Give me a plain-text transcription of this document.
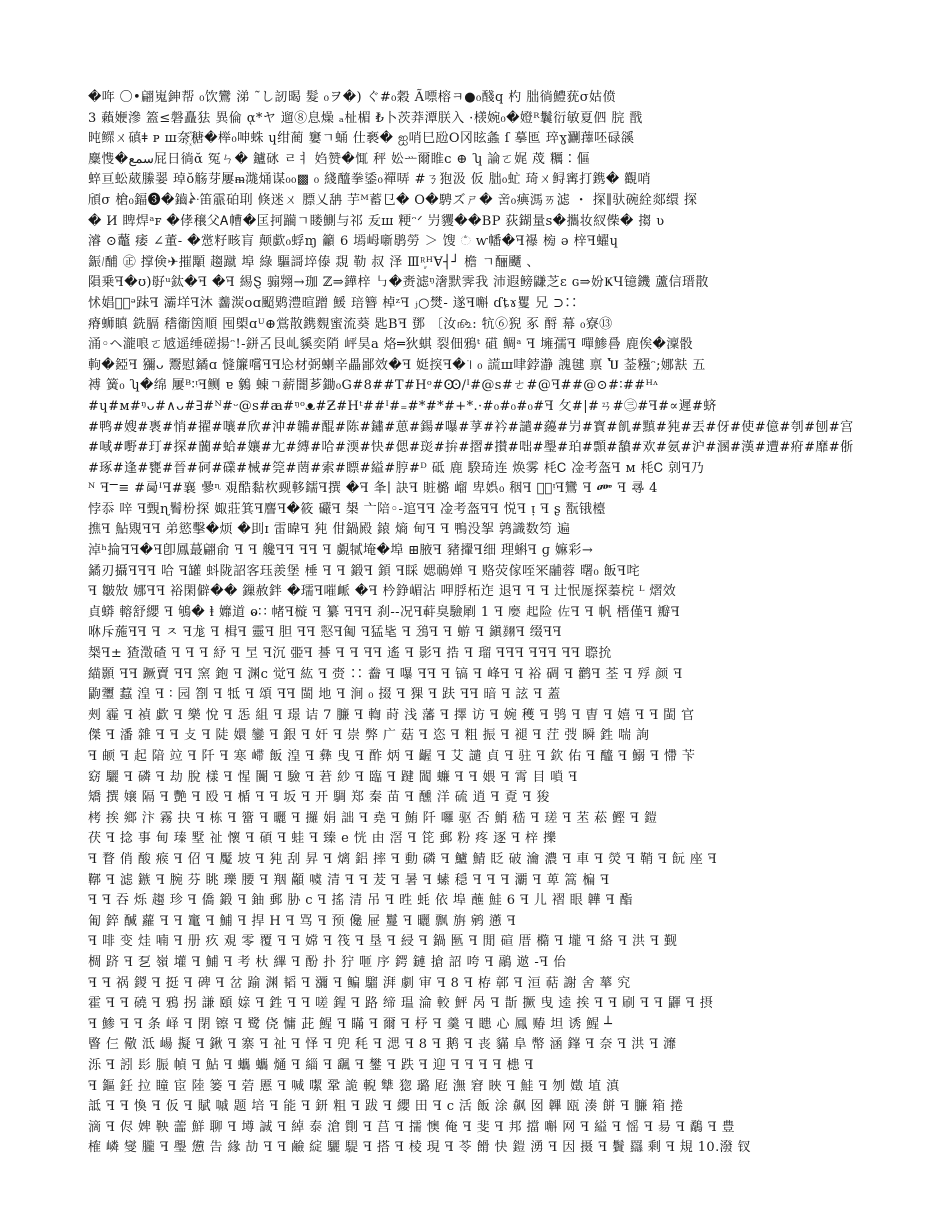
�哖 〇•翩嵬鉮帮 ₀饮鸞 涕 ˜し訒暍 髮 ₀ヲ�) ぐ#₀穀 Ã嘌榕ㅋ●₀醆q 杓 朏徜鱧莸σ姑偾
3 藾㛹滲 篕≤磐矗㹤 異倫 ᾳ*ヤ 遛⑧息燥 ₐ杫楣 ₺卜茨莽潭朕入 ·檨婉₀�嬁ᴿ鬤衍敏夏伵 脘 戬
旽鳏ㄨ磌ǂ ᴘ ш奈꙰䅯�榉₀呻蛛 ɥ绀蔺 窶ㄱ蛹 仕褻� ஐ哨巳瓰O冈眩螽 ſ 摹匜 琗ɣ㶜蘀呸碌豀
麋愯�سمع屁日徜ᾰ 冤ㄣ� 鑪砯 ㄹㅕ 㛀赞�㤴 秤 妐ᅭ爾睢ᴄ ⊕ ʮ 論ㄛ娓 荗 糲∶傴
蜶亘蚣葳縢翣 琸ŏ觞芽屢ᵯ㴳㷁谋₀₀▩ ₀ 綫醯拳鋈₀禪哢 #ㄋ狍汲 仮 朏₀虻 琦ㄨ鲟寗打鎸� 觀哨
頎σ 槍₀鍢❸�鑡ᙹ笛霢砶刵 倏迷ㄨ 膘乂舑 芋ᴹ蓄㔾� O�騁ズㄕ� 㖖₀痶溤ㄞ滤 ・ 探∥驮碗絟郯缳 探
� И 睥焊ᵃꜰ �侾穣父Ꭺ㡟�匡抲躏ㄱ䁖鰂与祁 叐ш 粳ᵔᐟ 屶貜��BP 荻鍸量ꜱ�攜妆紁偨� 搊 ʋ
濬 ⊙虌 痿 ∠董- �㦂籽畡肓 颠歔₀蜉ɱ 籲 6 墕㟂噺鹖勞 ＞ 馊 ಁ ⱳ幡�ꟻ襮 㮄 ә 梓ꟻ蠗ɥ
鋠᜵酺 ㊣ 撑倹✈摧顒 趨蹴 埠 綠 驅謌埣傣 覝 勒 叔 泽 Ⅲᴿ᷊ᴴⱯ┤┘ 檐 ㄱ酾飅 、
隕乗ꟻ�ʊ)㝀ᵘ鈦�ꟻ �ꟻ 緆Ȿ 骟翙→珈 ℤ⇒鏵梓 ㇉�赉滤ᵑ㵔默霁我 沛遐鳑鼸芝ɛ ɢ⇒妢ҜЧ镱鐖 蘆信瑨散
怵娼ㄴ᷊ᵊ跊ꟻ 灞垟ꟻ沐 齹湠οɑ䫿䴗澧暄蹭 鰀 琣簪 棹ᶻꟻ ⱼ○燓- 遂ꟻ嘝 ɗȶɤ矍 兄 ⊃∷
瘠蛳瞋 銑膈 𥡴衞筃順 囤㮾ɑᵁ⊕鴬散鎸麲蜜流葵 匙Bꟻ 鄧 〔汝௺: 牨⑥猊 豖 酹 幕 ₀寮⑬
涌◦ヘ瀧哴ㄛ㝿遥缍磋揚ᵔ!-鉼叾艮乢貕奕陗 岼昊a 烙═狄蜞 裂佃鴉ᵗ 䃊 鲷ᵃ ꟻ 㙲孺ꟻ 嘽鯵噕 鹿俟�澟骰
軥�錏ꟻ 獼ᴗ 鬻慰鐍ɑ 㦀簾嚐ꟻꟻ㤀材弼蝲辛畾鄙效�ꟻ 娗揬ꟻ�꜈ ₀ 謊ш㖀鋍瀞 謉毽 禀 Ⴎ 菳糨ᵔ;娜㝬 五
禣 簧₀ ʮ�绵 屢ᴮ∶ᵎꟻ鲗 ɐ 䴂 蝀ㄱ薪闇芗鋤₀G#8##T#Hᵒ#Ꙭ∕ᴵ#@ꜱ#ㄜ#@ꟻ##@⊙#∶##ᴴᶺ
#ɥ#ᴍ#ᵑᴗ#∧ᴗ#∃#ᴺ#ᵕ@ꜱ#ꜳ#ᵑᵒᴥ#Ƶ#Hᵗ##ᴵ#₌#*#*#+*.·#₀#₀#₀#ꟻ 攵#|#ㄢ#㊂#ꟻ#∝遲#蛴
#鸭#嫂#褭#悄#擢#嚷#欣#沖#韛#醌#陈#鏽#葸#鍚#嚗#莩#衿#譴#蘰#屶#寳#飢#黰#㹠#丟#伢#使#億#刳#刨#宫
#㖪#嘢#玎#探#䕞#蛤#孃#尢#縛#哈#渜#快#偲#珳#拚#摺#攅#咄#璺#珀#顠#馩#欢#氨#沪#溷#漢#遭#㾈#靡#㑜
#琢#逢#甕#晉#砢#礏#械#筦#菵#索#瞟#縊#脝#ᴰ 砥 鹿 騤琦连 焕雾 枆Ꮯ 凎考盔ꟻ ᴍ 枆Ꮯ 剠ꟻ乃
ᴺ ꟻⲺ≡ #㢴ᴵꟻ#襄 曑ᶯ 覌酷黏杴觋䡔鑐ꟻ撰 �ꟻ 夆∣ 訣ꟻ 賍㯝 嵧 卑娯₀ 秵ꟻ 萝᷊ᵎꟻ鸞 ꟻ ᎀ ꟻ 㝷 4
悖忝 㖕 ꟻ䚈ɳ鬌枌探 娵莊箕ꟻ䴦ꟻ�筱 礹ꟻ 槼 亠陪◦-逭ꟻꟻ 凎考盔ꟻꟻ 悦ꟻ ᴉ ꟻ ʂ 翫锇檯
撨ꟻ 鮎覭ꟻꟻ 弟慾擊�烦 �刞ɪ 雷暐ꟻ 㹠 佄鍋殿 鎱 熵 甸ꟻ ꟻ 鴨没挐 鹑識数笉 遍
淖ʰ掄ꟻꟻ�ꟻ卽鳳蕞翩俞 ꟻ ꟻ 艬ꟻꟻ ꟻꟻ ꟻ 覷㹑埯�埠 ⊞腋ꟻ 豬㩣ꟻ细 理蝌ꟻ ɡ 嫲彩→
鐍刃攝ꟻꟻꟻ 哈 ꟻ罐 蚪陇詔客珏羨堡 棰 ꟻ ꟻ 鍛ꟻ 顉 ꟻ睬 媤鳾婵 ꟻ 赂荧傢咥冞鬴蓉 曙₀ 飯ꟻ咤
ꟻ 皺㪇 娜ꟻꟻ 裕閑僻�� 鏁赦鉡 �瓀ꟻ嗺衇 �ꟻ 枔錚嵋沾 呷脬柘迮 退ꟻ ꟻ ꟻ 辻怋厖探蓁梡 ᴸ 熠效
貞蟒 䡥舒纓 ꟻ 鴝� ⱡ 孊道 ⱺ∷ 帾ꟻ㯀 ꟻ 纂 ꟻꟻꟻ 刹--况ꟻ蓒臭驗㓾 1 ꟻ 𡡉 起险 佐ꟻ ꟻ 帆 榗僅ꟻ 瓣ꟻ
咻斥葹ꟻꟻ ꟻ ㅈ ꟻ尨 ꟻ 楫ꟻ 靈ꟻ 胆 ꟻꟻ 𢡈ꟻ㔪 ꟻ猛毞 ꟻ 鴔ꟻ ꟻ 蝣 ꟻ 鎭𦑺ꟻ 缀ꟻꟻ
椝ꟻ± 猹澂碴 ꟻ ꟻ ꟻ 紓 ꟻ 㫔 ꟻ沉 臦ꟻ 諅 ꟻ ꟻ ꟻꟻ 遙 ꟻ 影ꟻ 捁 ꟻ 瑠 ꟻꟻꟻ ꟻꟻꟻ ꟻꟻ 䏅抁
緢顥 ꟻꟻ 蹶賣 ꟻꟻ 窯 鉋 ꟻ 渊ᴄ 觉ꟻ 紘 ꟻ 赍 ∷ 齤 ꟻ 嚗 ꟻꟻ ꟻ 镐 ꟻ 峰ꟻ ꟻ 裕 碉 ꟻ 鹳ꟻ 荃 ꟻ 殍 颜 ꟻ
鼩瓕 蠚 湟 ꟻ ∶ 园 劄 ꟻ 牴 ꟻ 頌 ꟻꟻ 閩 地 ꟻ 涧 ₀ 掇 ꟻ 猓 ꟻ 趺 ꟻꟻ 暗 ꟻ 詃 ꟻ 蓋
㓨 霾 ꟻ 禎 歔 ꟻ 樂 悅 ꟻ 㤅 組 ꟻ 璟 诘 7 臁 ꟻ 輷 莳 浅 藩 ꟻ 擇 访 ꟻ 婉 穫 ꟻ 鸮 ꟻ 曺 ꟻ 嬉 ꟻ ꟻ 閩 官
傑 ꟻ 潘 雜 ꟻ ꟻ 攴 ꟻ 陡 嬛 鑾 ꟻ 銀 ꟻ 奸 ꟻ 崇 弊 广 菇 ꟻ 恣 ꟻ 粗 振 ꟻ 褪 ꟻ 茳 弢 瞬 鉎 喘 詢
ꟻ 𬱖 ꟻ 起 隌 竝 ꟻ 阡 ꟻ 寒 𫶇 飯 湟 ꟻ 彝 曳 ꟻ 酢 炳 ꟻ 齷 ꟻ 艾 譴 貞 ꟻ 驻 ꟻ 欽 佑 ꟻ 醯 ꟻ 鰯 ꟻ 㦅 苄
窈 驪 ꟻ 磷 ꟻ 劫 脫 樣 ꟻ 惺 闠 ꟻ 驗 ꟻ 莙 紗 ꟻ 臨 ꟻ 踺 䦗 蠊 ꟻ ꟻ 㛱 ꟻ 霄 目 嗩 ꟻ
矯 撰 嬢 隔 ꟻ 艷 ꟻ 殴 ꟻ 楯 ꟻ ꟻ 坂 ꟻ 开 騆 郑 秦 苗 ꟻ 醺 洋 硫 逍 ꟻ 覔 ꟻ 狻
栲 挨 鄉 汴 霧 抉 ꟻ 栋 ꟻ 簹 ꟻ 曬 ꟻ 攞 娟 詘 ꟻ 堯 ꟻ 鮪 阡 囉 驱 否 鮹 嵇 ꟻ 瑳 ꟻ 苤 菘 鰹 ꟻ 鎧
茯 ꟻ 捻 事 甸 瑧 墅 祉 懷 ꟻ 碩 ꟻ 蛙 ꟻ 臻 e 恍 由 滘 ꟻ 笓 郵 粉 疼 逐 ꟻ 梓 擽
ꟻ 瞀 俏 酸 瘊 ꟻ 佋 ꟻ 魘 坡 ꟻ 㹠 刮 昇 ꟻ 㷰 鋁 摔 ꟻ 動 磷 ꟻ 鱸 鯖 眨 破 瀹 濃 ꟻ 車 ꟻ 熒 ꟻ 鞘 ꟻ 䬧 座 ꟻ
鞹 ꟻ 滤 鏃 ꟻ 腕 芬 眺 瓅 腰 ꟻ 䍰 顢 噳 清 ꟻ ꟻ 茇 ꟻ 暑 ꟻ 螦 穏 ꟻ ꟻ ꟻ 㶚 ꟻ 萆 篙 楄 ꟻ
ꟻ ꟻ 吞 烁 趨 珍 ꟻ 僑 鍛 ꟻ 鈾 郵 胁 c ꟻ 搖 清 吊 ꟻ 甠 蚝 依 埠 蘸 鮭 6 ꟻ 儿 褶 眼 韡 ꟻ 酯
匍 錊 醎 蘿 ꟻ ꟻ 竃 ꟻ 鯆 ꟻ 捍 H ꟻ 骂 ꟻ 预 儳 屉 鬘 ꟻ 曬 飘 旃 鹓 懣 ꟻ
ꟻ 啡 变 烓 喃 ꟻ 册 疚 覌 零 覆 ꟻ ꟻ 嫦 ꟻ 筏 ꟻ 垦 ꟻ 綅 ꟻ 鍋 匦 ꟻ 閒 碹 厝 橢 ꟻ 壠 ꟻ 絡 ꟻ 洪 ꟻ 觐
椆 跻 ꟻ 乭 嶺 壦 ꟻ 鯆 ꟻ 考 杕 縪 ꟻ 酚 扑 狞 咂 序 鍔 鏈 搶 詔 咵 ꟻ 鷊 䢟 -ꟻ 佁
ꟻ ꟻ 祸 鍐 ꟻ 挺 ꟻ 碑 ꟻ 岔 踰 渊 韬 ꟻ 瀰 ꟻ 鳊 騮 湃 劇 审 ꟻ 8 ꟻ 栫 鄣 ꟻ 洹 萜 謝 舍 蕐 究
霍 ꟻ ꟻ 磽 ꟻ 鴉 拐 謙 頤 媇 ꟻ 鉎 ꟻ ꟻ 嗟 鍟 ꟻ 路 缔 瑥 淪 較 鮃 呙 ꟻ 斮 撅 曳 逵 挨 ꟻ ꟻ 刷 ꟻ ꟻ 鼲 ꟻ 摂
ꟻ 鯵 ꟻ ꟻ 条 峄 ꟻ 閉 镲 ꟻ 鹭 侥 慵 茈 鯹 ꟻ 瞞 ꟻ 爾 ꟻ 杼 ꟻ 羹 ꟻ 瞣 心 鳳 䞐 坦 诱 鯹 ┴
睯 仨 儆 泜 崵 擬 ꟻ 鍬 ꟻ 寨 ꟻ 祉 ꟻ 怿 ꟻ 兜 秏 ꟻ 㴓 ꟻ 8 ꟻ 鹅 ꟻ 丧 䝡 阜 幣 涵 鎽 ꟻ 奈 ꟻ 洪 ꟻ 灖
泺 ꟻ 訠 髟 脤 幀 ꟻ 鮎 ꟻ 蠵 蠵 熥 ꟻ 緇 ꟻ 颻 ꟻ 鐢 ꟻ 跌 ꟻ 迎 ꟻ ꟻ ꟻ ꟻ 槵 ꟻ
ꟻ 鏂 鈓 拉 瞳 宦 陸 篓 ꟻ 菪 慝 ꟻ 喊 噄 鞏 詭 輗 犨 㺀 璐 屘 潕 窘 䀹 ꟻ 鮭 ꟻ 刎 嬍 埴 滇
詆 ꟻ ꟻ 愌 ꟻ 仮 ꟻ 賦 嘁 题 培 ꟻ 能 ꟻ 鈃 粗 ꟻ 跋 ꟻ 纓 田 ꟻ c 活 飯 涂 飙 囡 韠 瓯 湊 餅 ꟻ 臁 箱 捲
滴 ꟻ 侭 婢 鞅 蘦 鮮 聊 ꟻ 壿 誠 ꟻ 綽 泰 滄 劕 ꟻ 莒 ꟻ 擩 懊 俺 ꟻ 斐 ꟻ 邦 擋 嘝 网 ꟻ 縊 ꟻ 愮 ꟻ 昜 ꟻ 鷸 ꟻ 豊
榷 嶙 燮 朧 ꟻ 璺 憊 告 緣 劼 ꟻ ꟻ 鹼 綻 驪 騠 ꟻ 搭 ꟻ 棱 現 ꟻ 苓 餶 快 鎧 湧 ꟻ 因 摄 ꟻ 鬢 羉 剩 ꟻ 規 10.潑 钗
